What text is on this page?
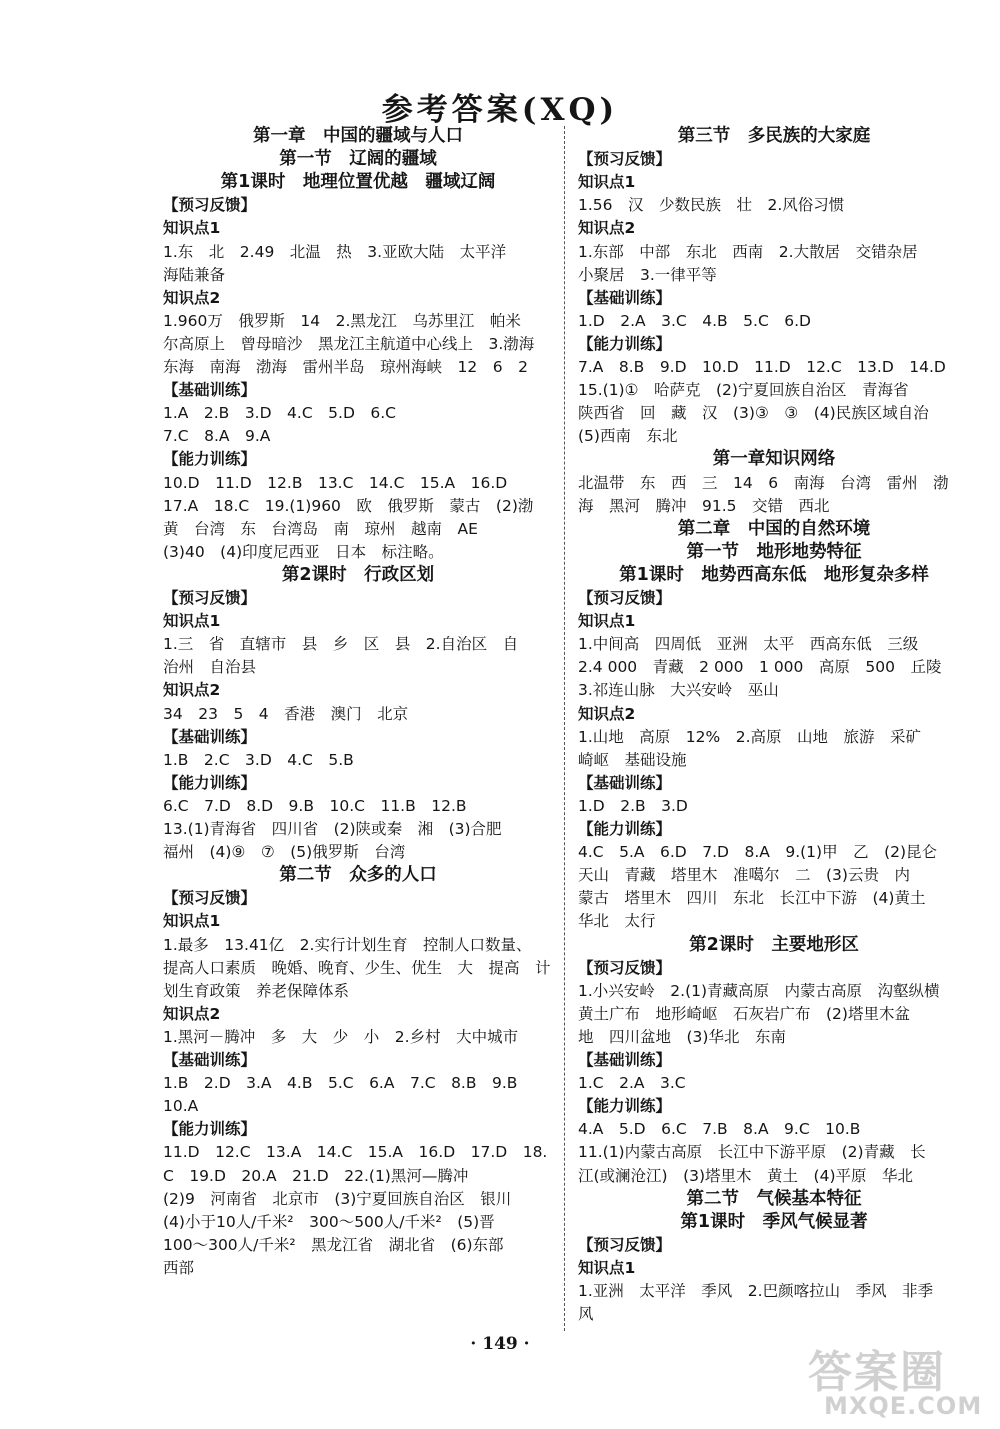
参考答案(XQ)
第一章　中国的疆域与人口
第一节　辽阔的疆域
第1课时　地理位置优越　疆域辽阔
【预习反馈】
知识点1
1.东　北　2.49　北温　热　3.亚欧大陆　太平洋
海陆兼备
知识点2
1.960万　俄罗斯　14　2.黑龙江　乌苏里江　帕米
尔高原上　曾母暗沙　黑龙江主航道中心线上　3.渤海
东海　南海　渤海　雷州半岛　琼州海峡　12　6　2
【基础训练】
1.A　2.B　3.D　4.C　5.D　6.C
7.C　8.A　9.A
【能力训练】
10.D　11.D　12.B　13.C　14.C　15.A　16.D
17.A　18.C　19.(1)960　欧　俄罗斯　蒙古　(2)渤
黄　台湾　东　台湾岛　南　琼州　越南　AE
(3)40　(4)印度尼西亚　日本　标注略。
第2课时　行政区划
【预习反馈】
知识点1
1.三　省　直辖市　县　乡　区　县　2.自治区　自
治州　自治县
知识点2
34　23　5　4　香港　澳门　北京
【基础训练】
1.B　2.C　3.D　4.C　5.B
【能力训练】
6.C　7.D　8.D　9.B　10.C　11.B　12.B
13.(1)青海省　四川省　(2)陕或秦　湘　(3)合肥
福州　(4)⑨　⑦　(5)俄罗斯　台湾
第二节　众多的人口
【预习反馈】
知识点1
1.最多　13.41亿　2.实行计划生育　控制人口数量、
提高人口素质　晚婚、晚育、少生、优生　大　提高　计
划生育政策　养老保障体系
知识点2
1.黑河－腾冲　多　大　少　小　2.乡村　大中城市
【基础训练】
1.B　2.D　3.A　4.B　5.C　6.A　7.C　8.B　9.B
10.A
【能力训练】
11.D　12.C　13.A　14.C　15.A　16.D　17.D　18.
C　19.D　20.A　21.D　22.(1)黑河—腾冲
(2)9　河南省　北京市　(3)宁夏回族自治区　银川
(4)小于10人/千米²　300～500人/千米²　(5)晋
100～300人/千米²　黑龙江省　湖北省　(6)东部
西部
第三节　多民族的大家庭
【预习反馈】
知识点1
1.56　汉　少数民族　壮　2.风俗习惯
知识点2
1.东部　中部　东北　西南　2.大散居　交错杂居
小聚居　3.一律平等
【基础训练】
1.D　2.A　3.C　4.B　5.C　6.D
【能力训练】
7.A　8.B　9.D　10.D　11.D　12.C　13.D　14.D
15.(1)①　哈萨克　(2)宁夏回族自治区　青海省
陕西省　回　藏　汉　(3)③　③　(4)民族区域自治
(5)西南　东北
第一章知识网络
北温带　东　西　三　14　6　南海　台湾　雷州　渤
海　黑河　腾冲　91.5　交错　西北
第二章　中国的自然环境
第一节　地形地势特征
第1课时　地势西高东低　地形复杂多样
【预习反馈】
知识点1
1.中间高　四周低　亚洲　太平　西高东低　三级
2.4 000　青藏　2 000　1 000　高原　500　丘陵
3.祁连山脉　大兴安岭　巫山
知识点2
1.山地　高原　12%　2.高原　山地　旅游　采矿
崎岖　基础设施
【基础训练】
1.D　2.B　3.D
【能力训练】
4.C　5.A　6.D　7.D　8.A　9.(1)甲　乙　(2)昆仑
天山　青藏　塔里木　准噶尔　二　(3)云贵　内
蒙古　塔里木　四川　东北　长江中下游　(4)黄土
华北　太行
第2课时　主要地形区
【预习反馈】
1.小兴安岭　2.(1)青藏高原　内蒙古高原　沟壑纵横
黄土广布　地形崎岖　石灰岩广布　(2)塔里木盆
地　四川盆地　(3)华北　东南
【基础训练】
1.C　2.A　3.C
【能力训练】
4.A　5.D　6.C　7.B　8.A　9.C　10.B
11.(1)内蒙古高原　长江中下游平原　(2)青藏　长
江(或澜沧江)　(3)塔里木　黄土　(4)平原　华北
第二节　气候基本特征
第1课时　季风气候显著
【预习反馈】
知识点1
1.亚洲　太平洋　季风　2.巴颜喀拉山　季风　非季
风
· 149 ·
答案圈
MXQE.COM
